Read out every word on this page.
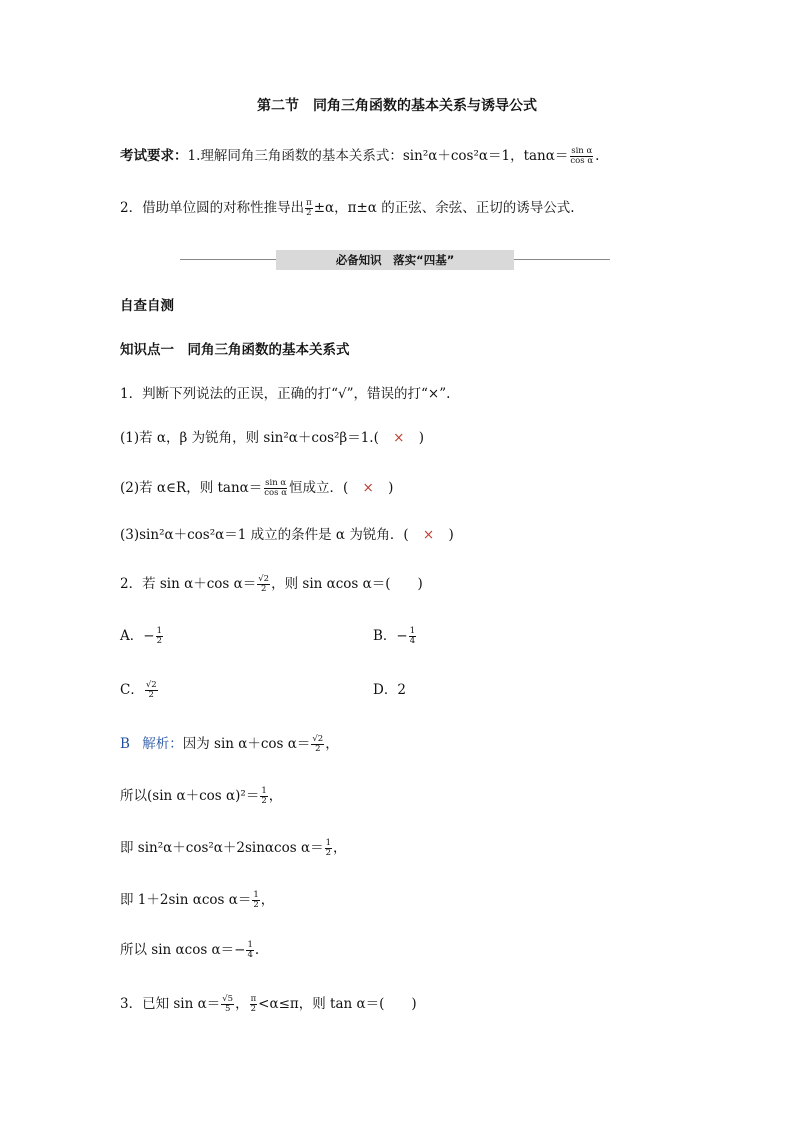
第二节　同角三角函数的基本关系与诱导公式
考试要求：1.理解同角三角函数的基本关系式：sin²α＋cos²α＝1，$\tan\alpha= \frac{\text{sin α}}{\text{cos α}}$ .
2．借助单位圆的对称性推导出 $\frac{\pi}{2} \pm\alpha$，π±α 的正弦、余弦、正切的诱导公式.
必备知识　落实“四基”
自查自测
知识点一　同角三角函数的基本关系式
1．判断下列说法的正误，正确的打“√”，错误的打“×”.
(1)若 α，β 为锐角，则 sin²α＋cos²β＝1.( × )
(2)若 α∈R，则 $\tan\alpha= \frac{\text{sin α}}{\text{cos α}}$ 恒成立．( × )
(3)sin²α＋cos²α＝1 成立的条件是 α 为锐角．( × )
2．若 sin α＋cos $\alpha= \frac{√2}{2}$ ，则 sin αcos α＝(　　)
A．− $\frac{1}{2}$	B．− $\frac{1}{4}$
C． $\frac{√2}{2}$	D．2
B 解析：因为 sin α＋cos $\alpha= \frac{√2}{2}$ ，
所以(sin α＋cos $\alpha)^2= \frac{1}{2}$ ，
即 sin²α＋cos²α＋2sinαcos $\alpha= \frac{1}{2}$ ，
即 1＋2sin αcos $\alpha= \frac{1}{2}$ ，
所以 sin αcos $\alpha=- \frac{1}{4}$ .
3．已知 $\sin \alpha= \frac{√5}{5}$ ， $\frac{\pi}{2} <\alpha\le\pi$，则 tan α＝(　　)
